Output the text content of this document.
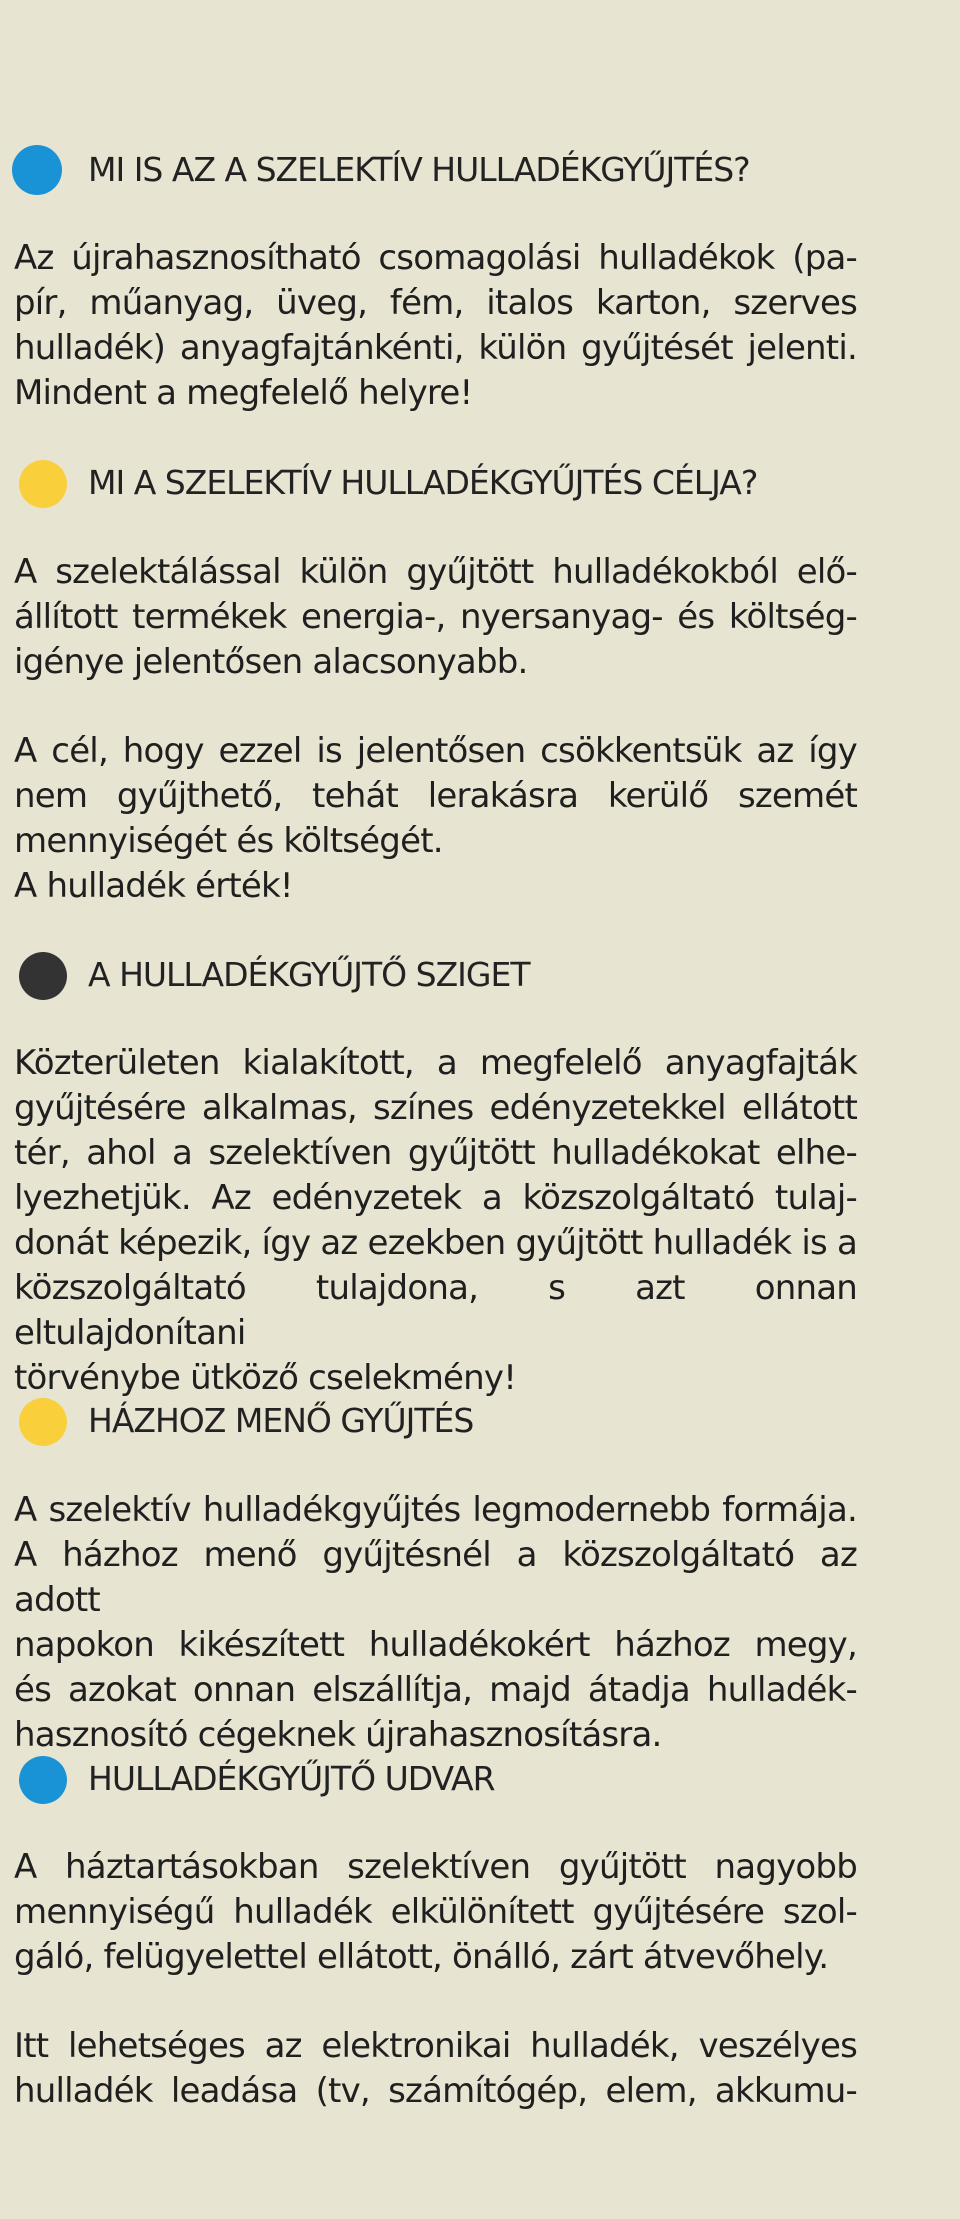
MI IS AZ A SZELEKTÍV HULLADÉKGYŰJTÉS?
Az újrahasznosítható csomagolási hulladékok (pa-
pír, műanyag, üveg, fém, italos karton, szerves
hulladék) anyagfajtánkénti, külön gyűjtését jelenti.
Mindent a megfelelő helyre!
MI A SZELEKTÍV HULLADÉKGYŰJTÉS CÉLJA?
A szelektálással külön gyűjtött hulladékokból elő-
állított termékek energia-, nyersanyag- és költség-
igénye jelentősen alacsonyabb.
A cél, hogy ezzel is jelentősen csökkentsük az így
nem gyűjthető, tehát lerakásra kerülő szemét
mennyiségét és költségét.
A hulladék érték!
A HULLADÉKGYŰJTŐ SZIGET
Közterületen kialakított, a megfelelő anyagfajták
gyűjtésére alkalmas, színes edényzetekkel ellátott
tér, ahol a szelektíven gyűjtött hulladékokat elhe-
lyezhetjük. Az edényzetek a közszolgáltató tulaj-
donát képezik, így az ezekben gyűjtött hulladék is a
közszolgáltató tulajdona, s azt onnan eltulajdonítani
törvénybe ütköző cselekmény!
HÁZHOZ MENŐ GYŰJTÉS
A szelektív hulladékgyűjtés legmodernebb formája.
A házhoz menő gyűjtésnél a közszolgáltató az adott
napokon kikészített hulladékokért házhoz megy,
és azokat onnan elszállítja, majd átadja hulladék-
hasznosító cégeknek újrahasznosításra.
HULLADÉKGYŰJTŐ UDVAR
A háztartásokban szelektíven gyűjtött nagyobb
mennyiségű hulladék elkülönített gyűjtésére szol-
gáló, felügyelettel ellátott, önálló, zárt átvevőhely.
Itt lehetséges az elektronikai hulladék, veszélyes
hulladék leadása (tv, számítógép, elem, akkumu-
